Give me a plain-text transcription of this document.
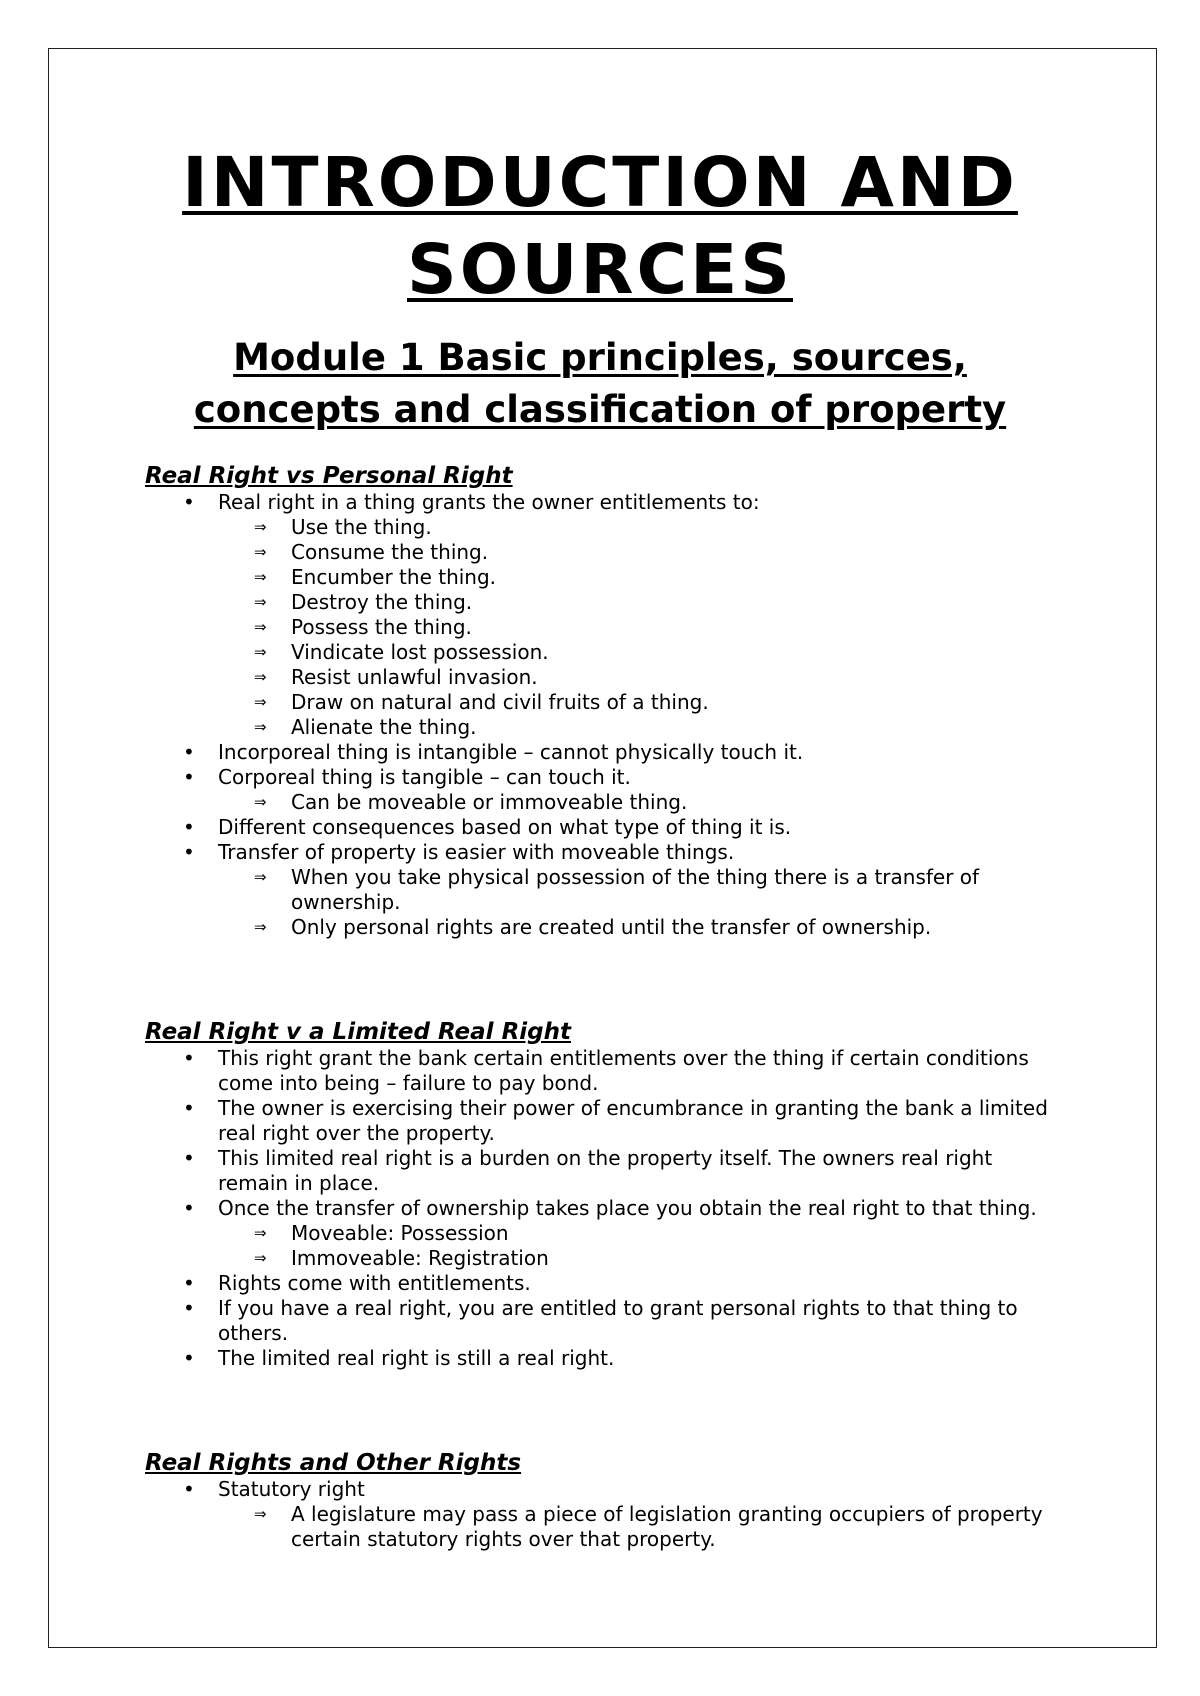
INTRODUCTION AND SOURCES
Module 1 Basic principles, sources, concepts and classification of property
Real Right vs Personal Right
• Real right in a thing grants the owner entitlements to:
⇒ Use the thing.
⇒ Consume the thing.
⇒ Encumber the thing.
⇒ Destroy the thing.
⇒ Possess the thing.
⇒ Vindicate lost possession.
⇒ Resist unlawful invasion.
⇒ Draw on natural and civil fruits of a thing.
⇒ Alienate the thing.
• Incorporeal thing is intangible – cannot physically touch it.
• Corporeal thing is tangible – can touch it.
⇒ Can be moveable or immoveable thing.
• Different consequences based on what type of thing it is.
• Transfer of property is easier with moveable things.
⇒ When you take physical possession of the thing there is a transfer of ownership.
⇒ Only personal rights are created until the transfer of ownership.
Real Right v a Limited Real Right
• This right grant the bank certain entitlements over the thing if certain conditions come into being – failure to pay bond.
• The owner is exercising their power of encumbrance in granting the bank a limited real right over the property.
• This limited real right is a burden on the property itself. The owners real right remain in place.
• Once the transfer of ownership takes place you obtain the real right to that thing.
⇒ Moveable: Possession
⇒ Immoveable: Registration
• Rights come with entitlements.
• If you have a real right, you are entitled to grant personal rights to that thing to others.
• The limited real right is still a real right.
Real Rights and Other Rights
• Statutory right
⇒ A legislature may pass a piece of legislation granting occupiers of property certain statutory rights over that property.
